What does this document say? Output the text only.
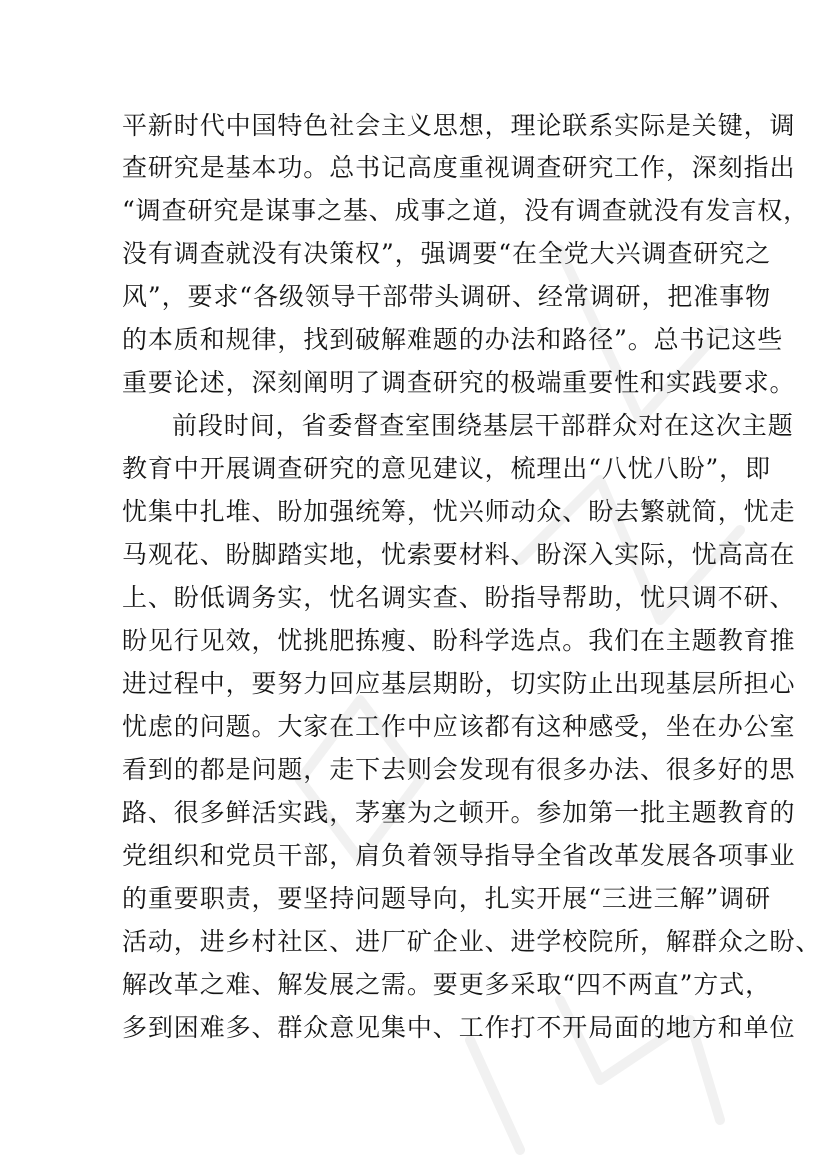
平新时代中国特色社会主义思想，理论联系实际是关键，调
查研究是基本功。总书记高度重视调查研究工作，深刻指出
“调查研究是谋事之基、成事之道，没有调查就没有发言权，
没有调查就没有决策权”，强调要“在全党大兴调查研究之
风”，要求“各级领导干部带头调研、经常调研，把准事物
的本质和规律，找到破解难题的办法和路径”。总书记这些
重要论述，深刻阐明了调查研究的极端重要性和实践要求。
前段时间，省委督查室围绕基层干部群众对在这次主题
教育中开展调查研究的意见建议，梳理出“八忧八盼”，即
忧集中扎堆、盼加强统筹，忧兴师动众、盼去繁就简，忧走
马观花、盼脚踏实地，忧索要材料、盼深入实际，忧高高在
上、盼低调务实，忧名调实查、盼指导帮助，忧只调不研、
盼见行见效，忧挑肥拣瘦、盼科学选点。我们在主题教育推
进过程中，要努力回应基层期盼，切实防止出现基层所担心
忧虑的问题。大家在工作中应该都有这种感受，坐在办公室
看到的都是问题，走下去则会发现有很多办法、很多好的思
路、很多鲜活实践，茅塞为之顿开。参加第一批主题教育的
党组织和党员干部，肩负着领导指导全省改革发展各项事业
的重要职责，要坚持问题导向，扎实开展“三进三解”调研
活动，进乡村社区、进厂矿企业、进学校院所，解群众之盼、
解改革之难、解发展之需。要更多采取“四不两直”方式，
多到困难多、群众意见集中、工作打不开局面的地方和单位
